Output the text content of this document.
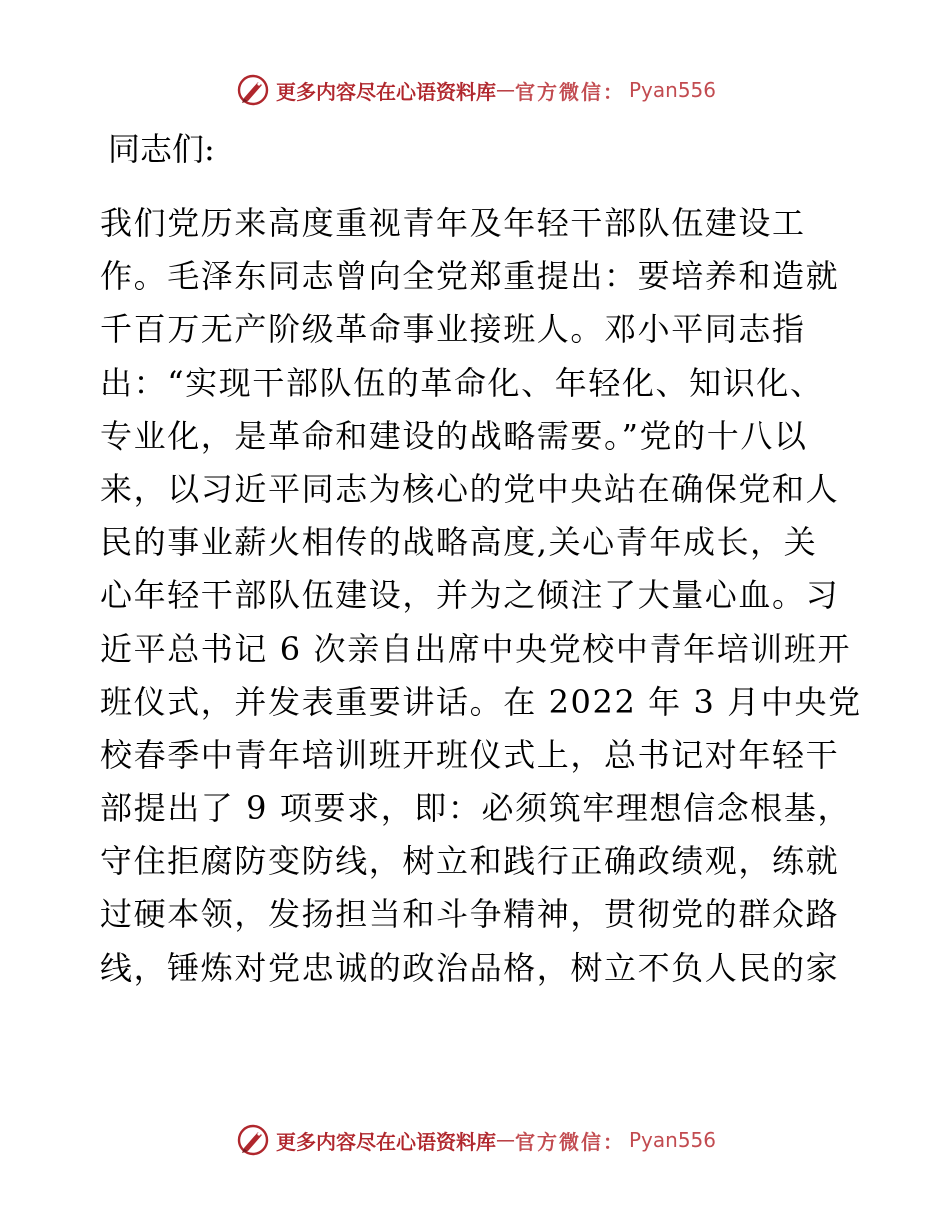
更多内容尽在心语资料库 — 官方微信： Pyan556
同志们:
我们党历来高度重视青年及年轻干部队伍建设工
作。毛泽东同志曾向全党郑重提出：要培养和造就
千百万无产阶级革命事业接班人。邓小平同志指
出：“实现干部队伍的革命化、年轻化、知识化、
专业化，是革命和建设的战略需要。”党的十八以
来，以习近平同志为核心的党中央站在确保党和人
民的事业薪火相传的战略高度,关心青年成长，关
心年轻干部队伍建设，并为之倾注了大量心血。习
近平总书记 6 次亲自出席中央党校中青年培训班开
班仪式，并发表重要讲话。在 2022 年 3 月中央党
校春季中青年培训班开班仪式上，总书记对年轻干
部提出了 9 项要求，即：必须筑牢理想信念根基，
守住拒腐防变防线，树立和践行正确政绩观，练就
过硬本领，发扬担当和斗争精神，贯彻党的群众路
线，锤炼对党忠诚的政治品格，树立不负人民的家
更多内容尽在心语资料库 — 官方微信： Pyan556
